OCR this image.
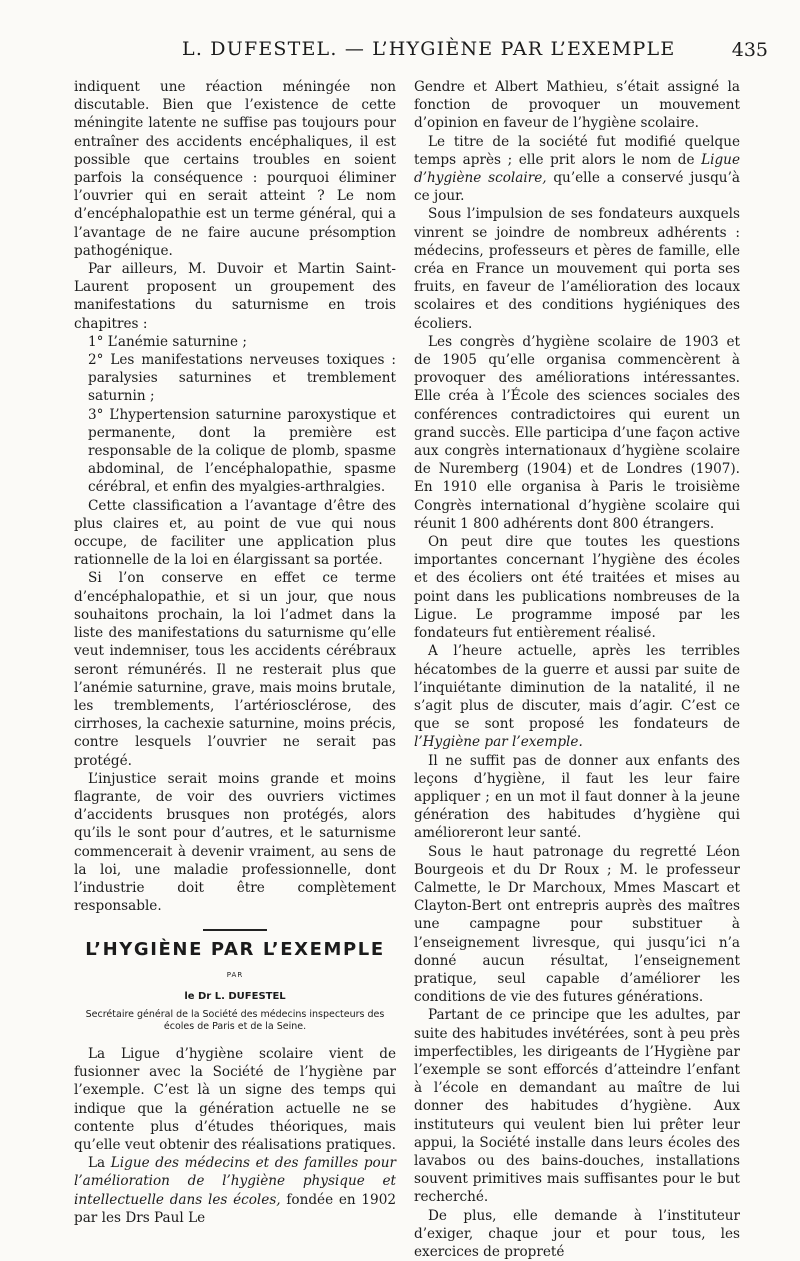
L. DUFESTEL. — L’HYGIÈNE PAR L’EXEMPLE	435

indiquent une réaction méningée non discutable. Bien que l’existence de cette méningite latente ne suffise pas toujours pour entraîner des accidents encéphaliques, il est possible que certains troubles en soient parfois la conséquence : pourquoi éliminer l’ouvrier qui en serait atteint ? Le nom d’encéphalopathie est un terme général, qui a l’avantage de ne faire aucune présomption pathogénique.

Par ailleurs, M. Duvoir et Martin Saint-Laurent proposent un groupement des manifestations du saturnisme en trois chapitres :

1° L’anémie saturnine ;

2° Les manifestations nerveuses toxiques : paralysies saturnines et tremblement saturnin ;

3° L’hypertension saturnine paroxystique et permanente, dont la première est responsable de la colique de plomb, spasme abdominal, de l’encéphalopathie, spasme cérébral, et enfin des myalgies-arthralgies.

Cette classification a l’avantage d’être des plus claires et, au point de vue qui nous occupe, de faciliter une application plus rationnelle de la loi en élargissant sa portée.

Si l’on conserve en effet ce terme d’encéphalopathie, et si un jour, que nous souhaitons prochain, la loi l’admet dans la liste des manifestations du saturnisme qu’elle veut indemniser, tous les accidents cérébraux seront rémunérés. Il ne resterait plus que l’anémie saturnine, grave, mais moins brutale, les tremblements, l’artériosclérose, des cirrhoses, la cachexie saturnine, moins précis, contre lesquels l’ouvrier ne serait pas protégé.

L’injustice serait moins grande et moins flagrante, de voir des ouvriers victimes d’accidents brusques non protégés, alors qu’ils le sont pour d’autres, et le saturnisme commencerait à devenir vraiment, au sens de la loi, une maladie professionnelle, dont l’industrie doit être complètement responsable.

L’HYGIÈNE PAR L’EXEMPLE
PAR
le Dr L. DUFESTEL
Secrétaire général de la Société des médecins inspecteurs des écoles de Paris et de la Seine.

La Ligue d’hygiène scolaire vient de fusionner avec la Société de l’hygiène par l’exemple. C’est là un signe des temps qui indique que la génération actuelle ne se contente plus d’études théoriques, mais qu’elle veut obtenir des réalisations pratiques.

La Ligue des médecins et des familles pour l’amélioration de l’hygiène physique et intellectuelle dans les écoles, fondée en 1902 par les Drs Paul Le

Gendre et Albert Mathieu, s’était assigné la fonction de provoquer un mouvement d’opinion en faveur de l’hygiène scolaire.

Le titre de la société fut modifié quelque temps après ; elle prit alors le nom de Ligue d’hygiène scolaire, qu’elle a conservé jusqu’à ce jour.

Sous l’impulsion de ses fondateurs auxquels vinrent se joindre de nombreux adhérents : médecins, professeurs et pères de famille, elle créa en France un mouvement qui porta ses fruits, en faveur de l’amélioration des locaux scolaires et des conditions hygiéniques des écoliers.

Les congrès d’hygiène scolaire de 1903 et de 1905 qu’elle organisa commencèrent à provoquer des améliorations intéressantes. Elle créa à l’École des sciences sociales des conférences contradictoires qui eurent un grand succès. Elle participa d’une façon active aux congrès internationaux d’hygiène scolaire de Nuremberg (1904) et de Londres (1907). En 1910 elle organisa à Paris le troisième Congrès international d’hygiène scolaire qui réunit 1 800 adhérents dont 800 étrangers.

On peut dire que toutes les questions importantes concernant l’hygiène des écoles et des écoliers ont été traitées et mises au point dans les publications nombreuses de la Ligue. Le programme imposé par les fondateurs fut entièrement réalisé.

A l’heure actuelle, après les terribles hécatombes de la guerre et aussi par suite de l’inquiétante diminution de la natalité, il ne s’agit plus de discuter, mais d’agir. C’est ce que se sont proposé les fondateurs de l’Hygiène par l’exemple.

Il ne suffit pas de donner aux enfants des leçons d’hygiène, il faut les leur faire appliquer ; en un mot il faut donner à la jeune génération des habitudes d’hygiène qui amélioreront leur santé.

Sous le haut patronage du regretté Léon Bourgeois et du Dr Roux ; M. le professeur Calmette, le Dr Marchoux, Mmes Mascart et Clayton-Bert ont entrepris auprès des maîtres une campagne pour substituer à l’enseignement livresque, qui jusqu’ici n’a donné aucun résultat, l’enseignement pratique, seul capable d’améliorer les conditions de vie des futures générations.

Partant de ce principe que les adultes, par suite des habitudes invétérées, sont à peu près imperfectibles, les dirigeants de l’Hygiène par l’exemple se sont efforcés d’atteindre l’enfant à l’école en demandant au maître de lui donner des habitudes d’hygiène. Aux instituteurs qui veulent bien lui prêter leur appui, la Société installe dans leurs écoles des lavabos ou des bains-douches, installations souvent primitives mais suffisantes pour le but recherché.

De plus, elle demande à l’instituteur d’exiger, chaque jour et pour tous, les exercices de propreté
